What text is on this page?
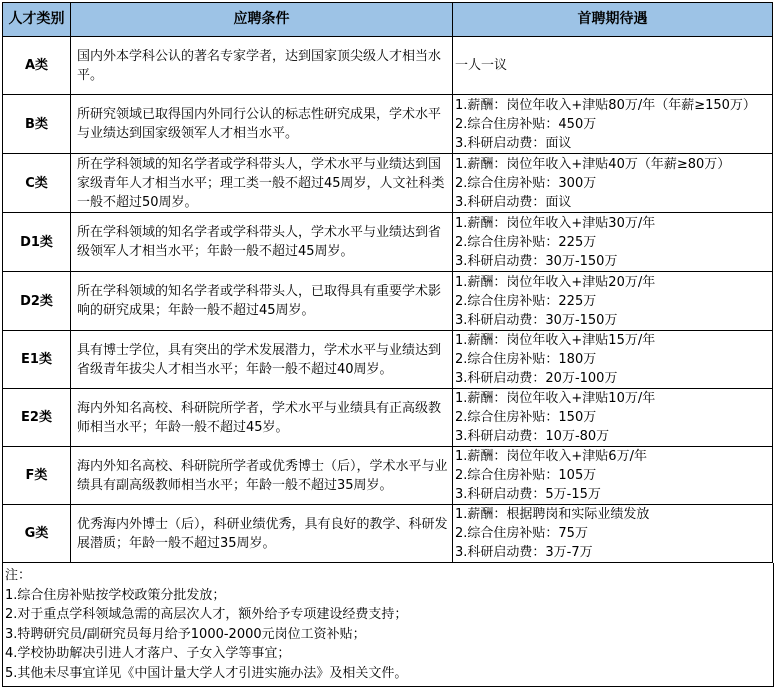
人才类别	应聘条件	首聘期待遇
A类	国内外本学科公认的著名专家学者，达到国家顶尖级人才相当水平。	一人一议

B类	所研究领域已取得国内外同行公认的标志性研究成果，学术水平与业绩达到国家级领军人才相当水平。	1.薪酬：岗位年收入+津贴80万/年（年薪≥150万）
2.综合住房补贴：450万
3.科研启动费：面议

C类	所在学科领域的知名学者或学科带头人，学术水平与业绩达到国家级青年人才相当水平；理工类一般不超过45周岁，人文社科类一般不超过50周岁。	1.薪酬：岗位年收入+津贴40万（年薪≥80万）
2.综合住房补贴：300万
3.科研启动费：面议

D1类	所在学科领域的知名学者或学科带头人，学术水平与业绩达到省级领军人才相当水平；年龄一般不超过45周岁。	1.薪酬：岗位年收入+津贴30万/年
2.综合住房补贴：225万
3.科研启动费：30万-150万

D2类	所在学科领域的知名学者或学科带头人，已取得具有重要学术影响的研究成果；年龄一般不超过45周岁。	1.薪酬：岗位年收入+津贴20万/年
2.综合住房补贴：225万
3.科研启动费：30万-150万

E1类	具有博士学位，具有突出的学术发展潜力，学术水平与业绩达到省级青年拔尖人才相当水平；年龄一般不超过40周岁。	1.薪酬：岗位年收入+津贴15万/年
2.综合住房补贴：180万
3.科研启动费：20万-100万

E2类	海内外知名高校、科研院所学者，学术水平与业绩具有正高级教师相当水平；年龄一般不超过45岁。	1.薪酬：岗位年收入+津贴10万/年
2.综合住房补贴：150万
3.科研启动费：10万-80万

F类	海内外知名高校、科研院所学者或优秀博士（后），学术水平与业绩具有副高级教师相当水平；年龄一般不超过35周岁。	1.薪酬：岗位年收入+津贴6万/年
2.综合住房补贴：105万
3.科研启动费：5万-15万

G类	优秀海内外博士（后），科研业绩优秀，具有良好的教学、科研发展潜质；年龄一般不超过35周岁。	1.薪酬：根据聘岗和实际业绩发放
2.综合住房补贴：75万
3.科研启动费：3万-7万
注：
1.综合住房补贴按学校政策分批发放；
2.对于重点学科领域急需的高层次人才，额外给予专项建设经费支持；
3.特聘研究员/副研究员每月给予1000-2000元岗位工资补贴；
4.学校协助解决引进人才落户、子女入学等事宜；
5.其他未尽事宜详见《中国计量大学人才引进实施办法》及相关文件。
